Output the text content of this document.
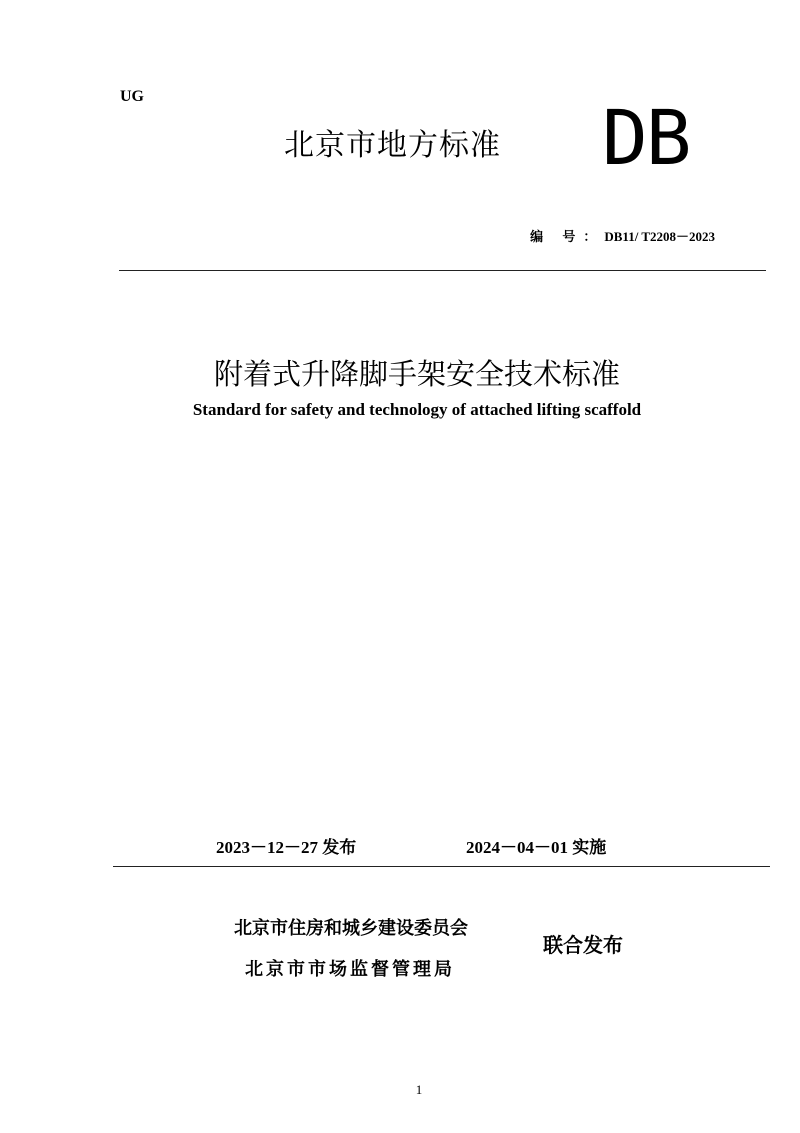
UG
北京市地方标准 DB
编 号：DB11/ T2208－2023
附着式升降脚手架安全技术标准
Standard for safety and technology of attached lifting scaffold
2023－12－27 发布	2024－04－01 实施
北京市住房和城乡建设委员会
北京市市场监督管理局
联合发布
1
